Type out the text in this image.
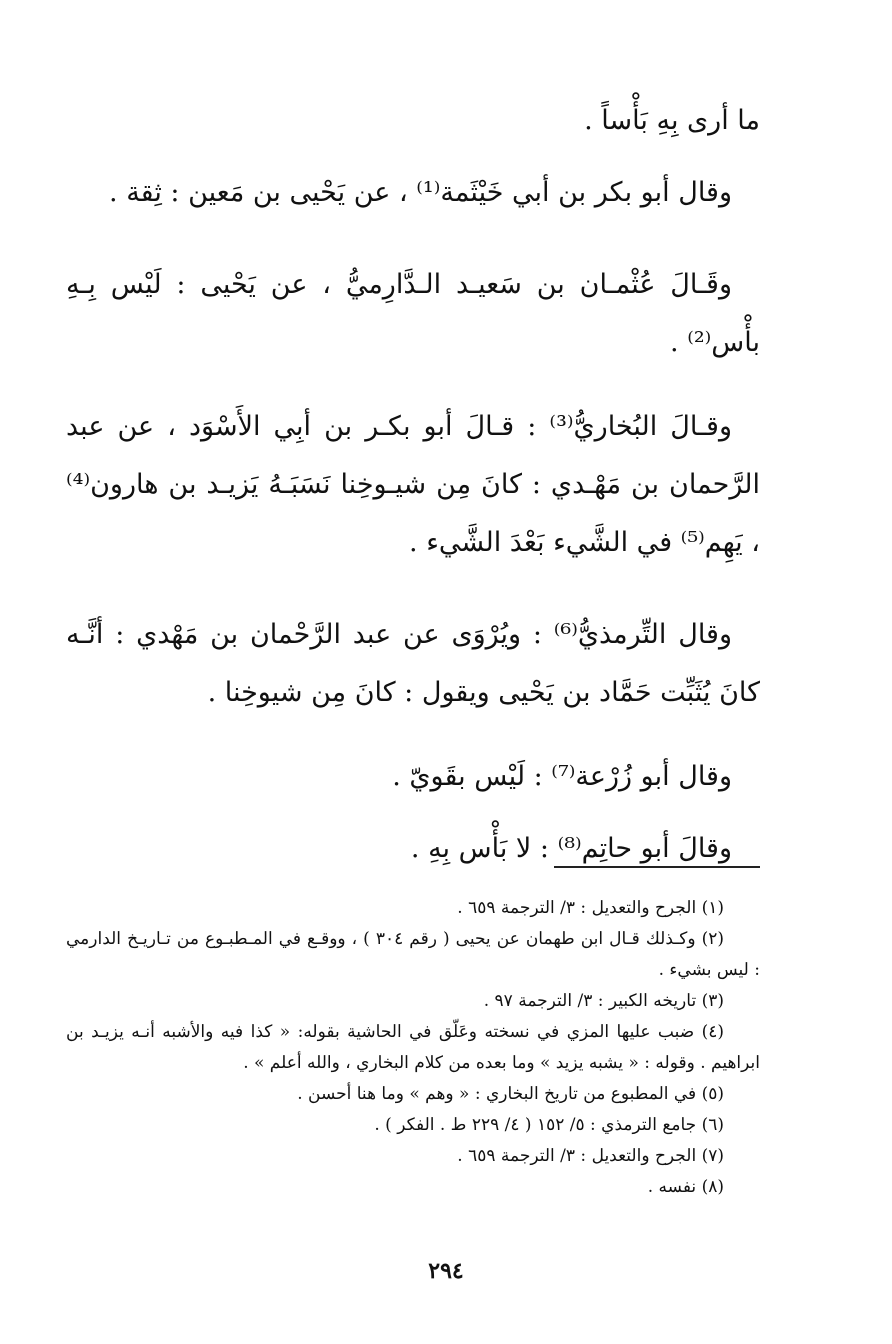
ما أرى بِهِ بَأْساً .

وقال أبو بكر بن أبي خَيْثَمة⁽¹⁾ ، عن يَحْيى بن مَعين : ثِقة .

وقَـالَ عُثْمـان بن سَعيـد الـدَّارِميُّ ، عن يَحْيى : لَيْس بِـهِ بأْس⁽²⁾ .

وقـالَ البُخاريُّ⁽³⁾ : قـالَ أبو بكـر بن أبِي الأَسْوَد ، عن عبد الرَّحمان بن مَهْـدي : كانَ مِن شيـوخِنا نَسَبَـهُ يَزيـد بن هارون⁽⁴⁾ ، يَهِم⁽⁵⁾ في الشَّيء بَعْدَ الشَّيء .

وقال التِّرمذيُّ⁽⁶⁾ : ويُرْوَى عن عبد الرَّحْمان بن مَهْدي : أنَّـه كانَ يُثَبِّت حَمَّاد بن يَحْيى ويقول : كانَ مِن شيوخِنا .

وقال أبو زُرْعة⁽⁷⁾ : لَيْس بقَويّ .

وقالَ أبو حاتِم⁽⁸⁾ : لا بَأْس بِهِ .

(١) الجرح والتعديل : ٣/ الترجمة ٦٥٩ .

(٢) وكـذلك قـال ابن طهمان عن يحيى ( رقم ٣٠٤ ) ، ووقـع في المـطبـوع من تـاريـخ الدارمي : ليس بشيء .

(٣) تاريخه الكبير : ٣/ الترجمة ٩٧ .

(٤) ضبب عليها المزي في نسخته وعَلّق في الحاشية بقوله: « كذا فيه والأشبه أنـه يزيـد بن ابراهيم . وقوله : « يشبه يزيد » وما بعده من كلام البخاري ، والله أعلم » .

(٥) في المطبوع من تاريخ البخاري : « وهم » وما هنا أحسن .

(٦) جامع الترمذي : ٥/ ١٥٢ ( ٤/ ٢٢٩ ط . الفكر ) .

(٧) الجرح والتعديل : ٣/ الترجمة ٦٥٩ .

(٨) نفسه .

٢٩٤
